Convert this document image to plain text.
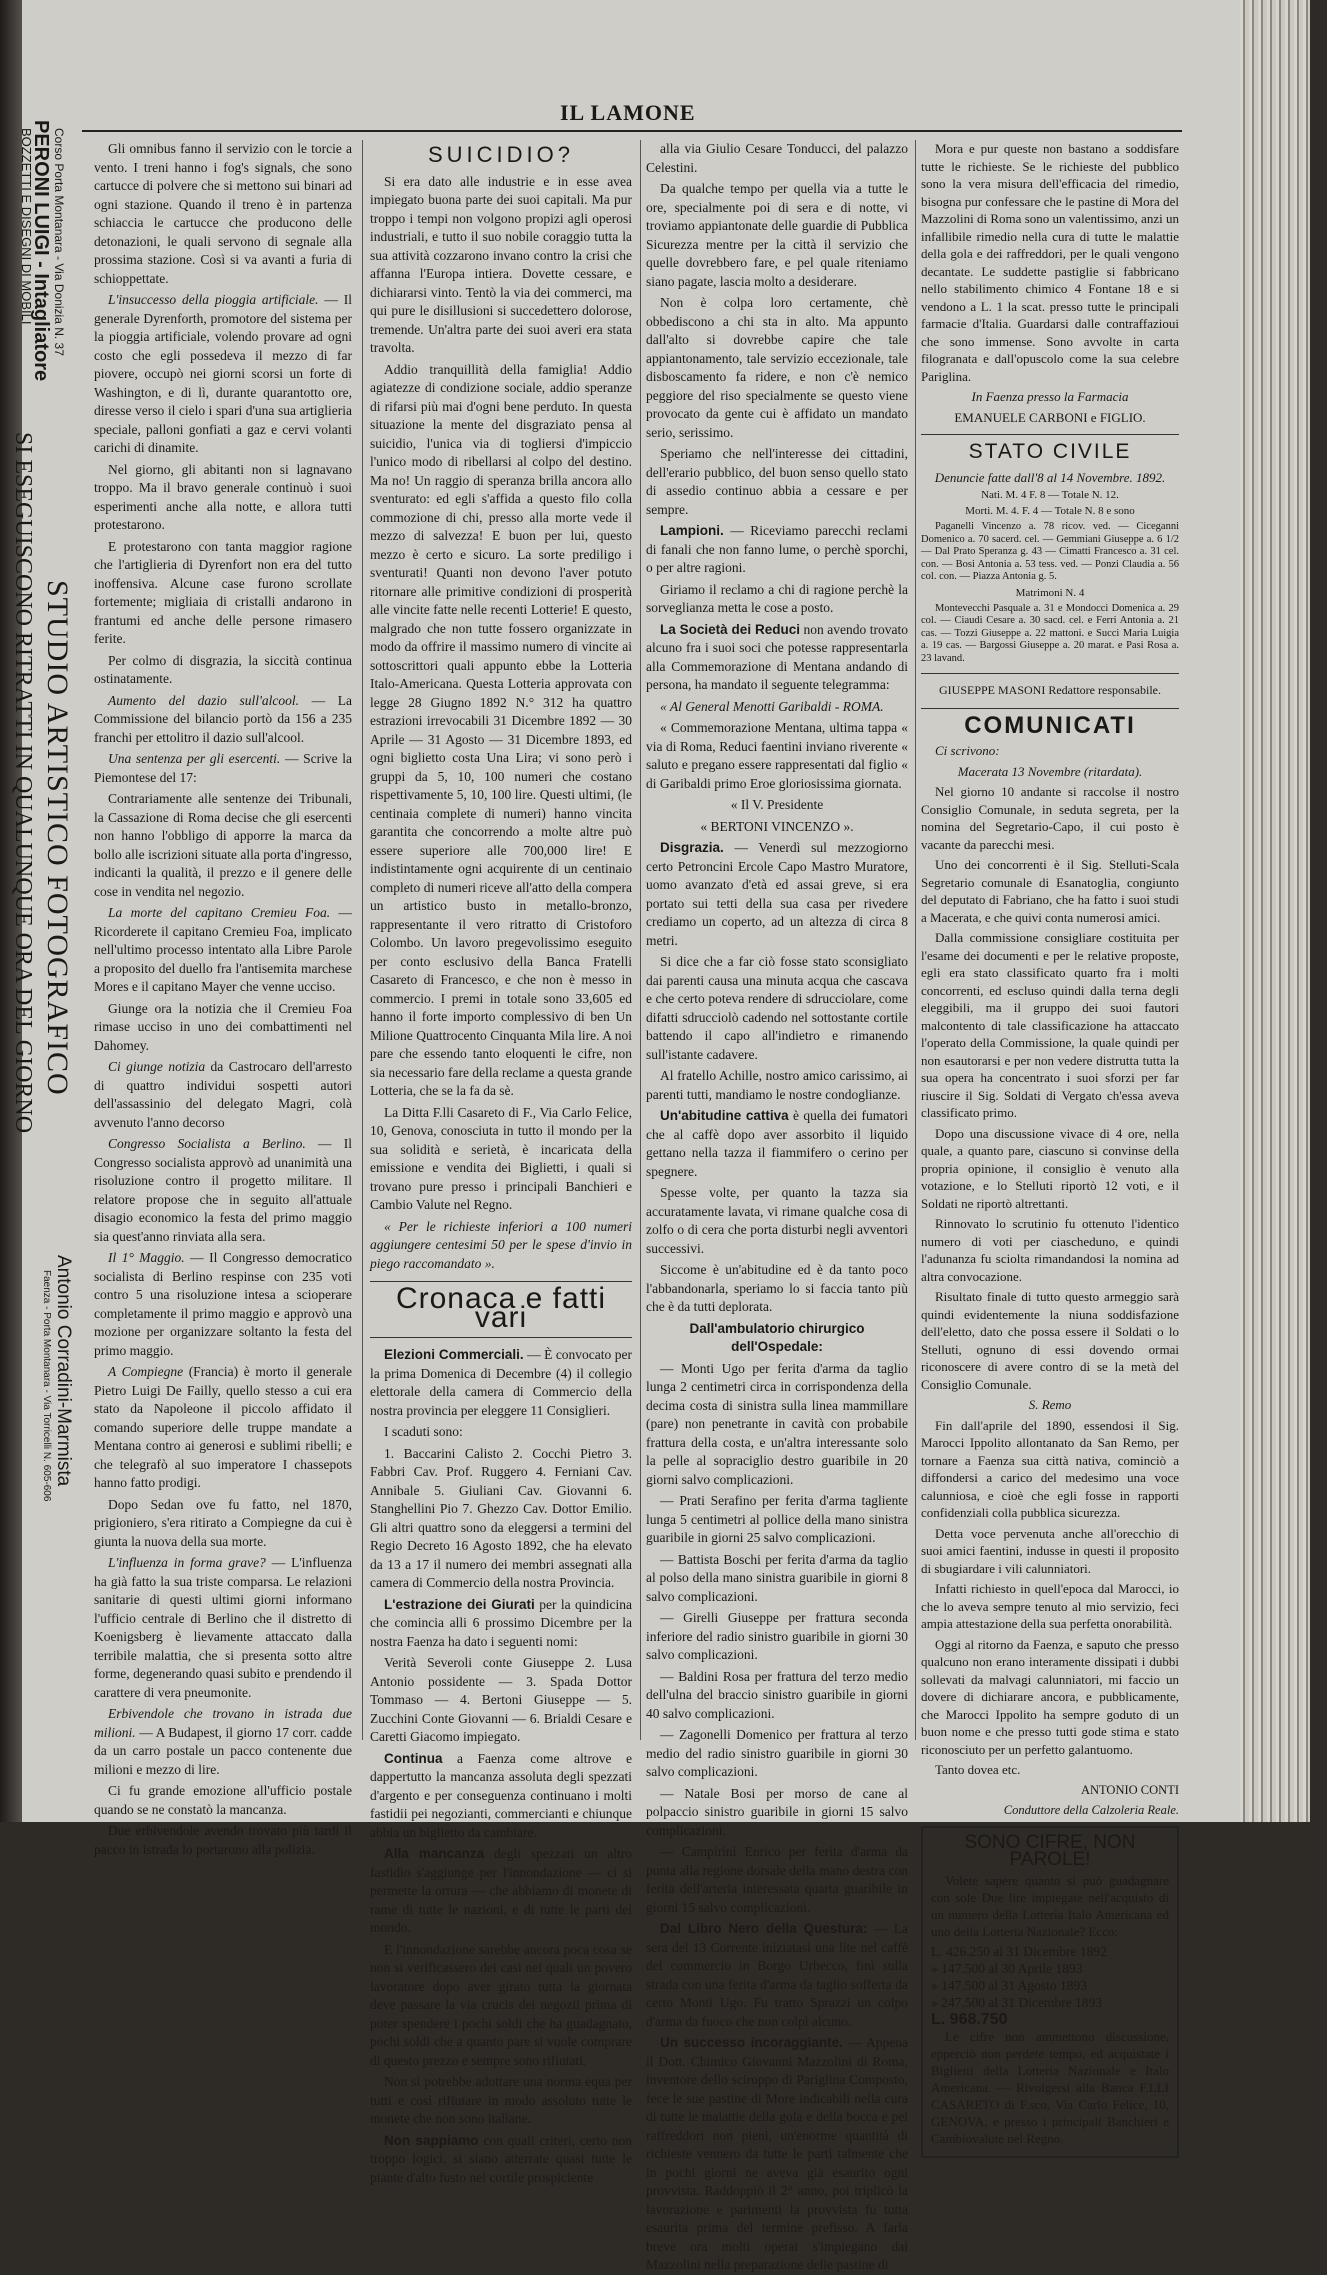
Corso Porta Montanara - Via Donizia N. 37
PERONI LUIGI - Intagliatore
BOZZETTI E DISEGNI DI MOBILI
STUDIO ARTISTICO FOTOGRAFICO
SI ESEGUISCONO RITRATTI IN QUALUNQUE ORA DEL GIORNO
Antonio Corradini-Marmista
Faenza - Porta Montanara - Via Torricelli N. 605-606
IL LAMONE

Gli omnibus fanno il servizio con le torcie a vento. I treni hanno i fog's signals, che sono cartucce di polvere che si mettono sui binari ad ogni stazione. Quando il treno è in partenza schiaccia le cartucce che producono delle detonazioni, le quali servono di segnale alla prossima stazione. Così si va avanti a furia di schioppettate.

L'insuccesso della pioggia artificiale. — Il generale Dyrenforth, promotore del sistema per la pioggia artificiale, volendo provare ad ogni costo che egli possedeva il mezzo di far piovere, occupò nei giorni scorsi un forte di Washington, e di lì, durante quarantotto ore, diresse verso il cielo i spari d'una sua artiglieria speciale, palloni gonfiati a gaz e cervi volanti carichi di dinamite.

Nel giorno, gli abitanti non si lagnavano troppo. Ma il bravo generale continuò i suoi esperimenti anche alla notte, e allora tutti protestarono.

E protestarono con tanta maggior ragione che l'artiglieria di Dyrenfort non era del tutto inoffensiva. Alcune case furono scrollate fortemente; migliaia di cristalli andarono in frantumi ed anche delle persone rimasero ferite.

Per colmo di disgrazia, la siccità continua ostinatamente.

Aumento del dazio sull'alcool. — La Commissione del bilancio portò da 156 a 235 franchi per ettolitro il dazio sull'alcool.

Una sentenza per gli esercenti. — Scrive la Piemontese del 17:

Contrariamente alle sentenze dei Tribunali, la Cassazione di Roma decise che gli esercenti non hanno l'obbligo di apporre la marca da bollo alle iscrizioni situate alla porta d'ingresso, indicanti la qualità, il prezzo e il genere delle cose in vendita nel negozio.

La morte del capitano Cremieu Foa. — Ricorderete il capitano Cremieu Foa, implicato nell'ultimo processo intentato alla Libre Parole a proposito del duello fra l'antisemita marchese Mores e il capitano Mayer che venne ucciso.

Giunge ora la notizia che il Cremieu Foa rimase ucciso in uno dei combattimenti nel Dahomey.

Ci giunge notizia da Castrocaro dell'arresto di quattro individui sospetti autori dell'assassinio del delegato Magri, colà avvenuto l'anno decorso

Congresso Socialista a Berlino. — Il Congresso socialista approvò ad unanimità una risoluzione contro il progetto militare. Il relatore propose che in seguito all'attuale disagio economico la festa del primo maggio sia quest'anno rinviata alla sera.

Il 1° Maggio. — Il Congresso democratico socialista di Berlino respinse con 235 voti contro 5 una risoluzione intesa a scioperare completamente il primo maggio e approvò una mozione per organizzare soltanto la festa del primo maggio.

A Compiegne (Francia) è morto il generale Pietro Luigi De Failly, quello stesso a cui era stato da Napoleone il piccolo affidato il comando superiore delle truppe mandate a Mentana contro ai generosi e sublimi ribelli; e che telegrafò al suo imperatore I chassepots hanno fatto prodigi.

Dopo Sedan ove fu fatto, nel 1870, prigioniero, s'era ritirato a Compiegne da cui è giunta la nuova della sua morte.

L'influenza in forma grave? — L'influenza ha già fatto la sua triste comparsa. Le relazioni sanitarie di questi ultimi giorni informano l'ufficio centrale di Berlino che il distretto di Koenigsberg è lievamente attaccato dalla terribile malattia, che si presenta sotto altre forme, degenerando quasi subito e prendendo il carattere di vera pneumonite.

Erbivendole che trovano in istrada due milioni. — A Budapest, il giorno 17 corr. cadde da un carro postale un pacco contenente due milioni e mezzo di lire.

Ci fu grande emozione all'ufficio postale quando se ne constatò la mancanza.

Due erbivendole avendo trovato più tardi il pacco in istrada lo portarono alla polizia.

SUICIDIO?

Si era dato alle industrie e in esse avea impiegato buona parte dei suoi capitali. Ma pur troppo i tempi non volgono propizi agli operosi industriali, e tutto il suo nobile coraggio tutta la sua attività cozzarono invano contro la crisi che affanna l'Europa intiera. Dovette cessare, e dichiararsi vinto. Tentò la via dei commerci, ma qui pure le disillusioni si succedettero dolorose, tremende. Un'altra parte dei suoi averi era stata travolta.

Addio tranquillità della famiglia! Addio agiatezze di condizione sociale, addio speranze di rifarsi più mai d'ogni bene perduto. In questa situazione la mente del disgraziato pensa al suicidio, l'unica via di togliersi d'impiccio l'unico modo di ribellarsi al colpo del destino. Ma no! Un raggio di speranza brilla ancora allo sventurato: ed egli s'affida a questo filo colla commozione di chi, presso alla morte vede il mezzo di salvezza! E buon per lui, questo mezzo è certo e sicuro. La sorte prediligo i sventurati! Quanti non devono l'aver potuto ritornare alle primitive condizioni di prosperità alle vincite fatte nelle recenti Lotterie! E questo, malgrado che non tutte fossero organizzate in modo da offrire il massimo numero di vincite ai sottoscrittori quali appunto ebbe la Lotteria Italo-Americana. Questa Lotteria approvata con legge 28 Giugno 1892 N.° 312 ha quattro estrazioni irrevocabili 31 Dicembre 1892 — 30 Aprile — 31 Agosto — 31 Dicembre 1893, ed ogni biglietto costa Una Lira; vi sono però i gruppi da 5, 10, 100 numeri che costano rispettivamente 5, 10, 100 lire. Questi ultimi, (le centinaia complete di numeri) hanno vincita garantita che concorrendo a molte altre può essere superiore alle 700,000 lire! E indistintamente ogni acquirente di un centinaio completo di numeri riceve all'atto della compera un artistico busto in metallo-bronzo, rappresentante il vero ritratto di Cristoforo Colombo. Un lavoro pregevolissimo eseguito per conto esclusivo della Banca Fratelli Casareto di Francesco, e che non è messo in commercio. I premi in totale sono 33,605 ed hanno il forte importo complessivo di ben Un Milione Quattrocento Cinquanta Mila lire. A noi pare che essendo tanto eloquenti le cifre, non sia necessario fare della reclame a questa grande Lotteria, che se la fa da sè.

La Ditta F.lli Casareto di F., Via Carlo Felice, 10, Genova, conosciuta in tutto il mondo per la sua solidità e serietà, è incaricata della emissione e vendita dei Biglietti, i quali si trovano pure presso i principali Banchieri e Cambio Valute nel Regno.

« Per le richieste inferiori a 100 numeri aggiungere centesimi 50 per le spese d'invio in piego raccomandato ».

Cronaca e fatti vari

Elezioni Commerciali. — È convocato per la prima Domenica di Decembre (4) il collegio elettorale della camera di Commercio della nostra provincia per eleggere 11 Consiglieri.

I scaduti sono:

1. Baccarini Calisto 2. Cocchi Pietro 3. Fabbri Cav. Prof. Ruggero 4. Ferniani Cav. Annibale 5. Giuliani Cav. Giovanni 6. Stanghellini Pio 7. Ghezzo Cav. Dottor Emilio. Gli altri quattro sono da eleggersi a termini del Regio Decreto 16 Agosto 1892, che ha elevato da 13 a 17 il numero dei membri assegnati alla camera di Commercio della nostra Provincia.

L'estrazione dei Giurati per la quindicina che comincia alli 6 prossimo Dicembre per la nostra Faenza ha dato i seguenti nomi:

Verità Severoli conte Giuseppe 2. Lusa Antonio possidente — 3. Spada Dottor Tommaso — 4. Bertoni Giuseppe — 5. Zucchini Conte Giovanni — 6. Brialdi Cesare e Caretti Giacomo impiegato.

Continua a Faenza come altrove e dappertutto la mancanza assoluta degli spezzati d'argento e per conseguenza continuano i molti fastidii pei negozianti, commercianti e chiunque abbia un biglietto da cambiare.

Alla mancanza degli spezzati un altro fastidio s'aggiunge per l'innondazione — ci si permette la ortura — che abbiamo di monete di rame di tutte le nazioni, e di tutte le parti del mondo.

E l'innondazione sarebbe ancora poca cosa se non si verificassero dei casi nei quali un povero lavoratore dopo aver girato tutta la giornata deve passare la via crucis dei negozii prima di poter spendere i pochi soldi che ha guadagnato, pochi soldi che a quanto pare si vuole comprare di questo prezzo e sempre sono rifiutati.

Non si potrebbe adottare una norma equa per tutti e così rifiutare in modo assoluto tutte le monete che non sono italiane.

Non sappiamo con quali criteri, certo non troppo logici, si siano atterrate quasi tutte le piante d'alto fusto nel cortile prospiciente

alla via Giulio Cesare Tonducci, del palazzo Celestini.

Da qualche tempo per quella via a tutte le ore, specialmente poi di sera e di notte, vi troviamo appiantonate delle guardie di Pubblica Sicurezza mentre per la città il servizio che quelle dovrebbero fare, e pel quale riteniamo siano pagate, lascia molto a desiderare.

Non è colpa loro certamente, chè obbediscono a chi sta in alto. Ma appunto dall'alto si dovrebbe capire che tale appiantonamento, tale servizio eccezionale, tale disboscamento fa ridere, e non c'è nemico peggiore del riso specialmente se questo viene provocato da gente cui è affidato un mandato serio, serissimo.

Speriamo che nell'interesse dei cittadini, dell'erario pubblico, del buon senso quello stato di assedio continuo abbia a cessare e per sempre.

Lampioni. — Riceviamo parecchi reclami di fanali che non fanno lume, o perchè sporchi, o per altre ragioni.

Giriamo il reclamo a chi di ragione perchè la sorveglianza metta le cose a posto.

La Società dei Reduci non avendo trovato alcuno fra i suoi soci che potesse rappresentarla alla Commemorazione di Mentana andando di persona, ha mandato il seguente telegramma:

« Al General Menotti Garibaldi - ROMA.

« Commemorazione Mentana, ultima tappa « via di Roma, Reduci faentini inviano riverente « saluto e pregano essere rappresentati dal figlio « di Garibaldi primo Eroe gloriosissima giornata.

« Il V. Presidente

« BERTONI VINCENZO ».

Disgrazia. — Venerdì sul mezzogiorno certo Petroncini Ercole Capo Mastro Muratore, uomo avanzato d'età ed assai greve, si era portato sui tetti della sua casa per rivedere crediamo un coperto, ad un altezza di circa 8 metri.

Si dice che a far ciò fosse stato sconsigliato dai parenti causa una minuta acqua che cascava e che certo poteva rendere di sdrucciolare, come difatti sdrucciolò cadendo nel sottostante cortile battendo il capo all'indietro e rimanendo sull'istante cadavere.

Al fratello Achille, nostro amico carissimo, ai parenti tutti, mandiamo le nostre condoglianze.

Un'abitudine cattiva è quella dei fumatori che al caffè dopo aver assorbito il liquido gettano nella tazza il fiammifero o cerino per spegnere.

Spesse volte, per quanto la tazza sia accuratamente lavata, vi rimane qualche cosa di zolfo o di cera che porta disturbi negli avventori successivi.

Siccome è un'abitudine ed è da tanto poco l'abbandonarla, speriamo lo si faccia tanto più che è da tutti deplorata.

Dall'ambulatorio chirurgico dell'Ospedale:

— Monti Ugo per ferita d'arma da taglio lunga 2 centimetri circa in corrispondenza della decima costa di sinistra sulla linea mammillare (pare) non penetrante in cavità con probabile frattura della costa, e un'altra interessante solo la pelle al sopraciglio destro guaribile in 20 giorni salvo complicazioni.

— Prati Serafino per ferita d'arma tagliente lunga 5 centimetri al pollice della mano sinistra guaribile in giorni 25 salvo complicazioni.

— Battista Boschi per ferita d'arma da taglio al polso della mano sinistra guaribile in giorni 8 salvo complicazioni.

— Girelli Giuseppe per frattura seconda inferiore del radio sinistro guaribile in giorni 30 salvo complicazioni.

— Baldini Rosa per frattura del terzo medio dell'ulna del braccio sinistro guaribile in giorni 40 salvo complicazioni.

— Zagonelli Domenico per frattura al terzo medio del radio sinistro guaribile in giorni 30 salvo complicazioni.

— Natale Bosi per morso de cane al polpaccio sinistro guaribile in giorni 15 salvo complicazioni.

— Campirini Enrico per ferita d'arma da punta alla regione dorsale della mano destra con ferita dell'arteria interessata quarta guaribile in giorni 15 salvo complicazioni.

Dal Libro Nero della Questura: — La sera del 13 Corrente iniziatasi una lite nel caffè del commercio in Borgo Urbecco, finì sulla strada con una ferita d'arma da taglio sofferta da certo Monti Ugo. Fu tratto Sprazzi un colpo d'arma da fuoco che non colpì alcuno.

Un successo incoraggiante. — Appena il Dott. Chimico Giovanni Mazzolini di Roma, inventore dello sciroppo di Pariglina Composto, fece le sue pastine di More indicabili nella cura di tutte le malattie della gola e della bocca e pei raffreddori non pieni, un'enorme quantità di richieste vennero da tutte le parti talmente che in pochi giorni ne aveva già esaurito ogni provvista. Raddoppiò il 2° anno, poi triplicò la lavorazione e parimenti la provvista fu tutta esaurita prima del termine prefisso. A farla breve ora molti operai s'impiegano dal Mazzolini nella preparazione delle pastine di

Mora e pur queste non bastano a soddisfare tutte le richieste. Se le richieste del pubblico sono la vera misura dell'efficacia del rimedio, bisogna pur confessare che le pastine di Mora del Mazzolini di Roma sono un valentissimo, anzi un infallibile rimedio nella cura di tutte le malattie della gola e dei raffreddori, per le quali vengono decantate. Le suddette pastiglie si fabbricano nello stabilimento chimico 4 Fontane 18 e si vendono a L. 1 la scat. presso tutte le principali farmacie d'Italia. Guardarsi dalle contraffazioui che sono immense. Sono avvolte in carta filogranata e dall'opuscolo come la sua celebre Pariglina.

In Faenza presso la Farmacia

EMANUELE CARBONI e FIGLIO.

STATO CIVILE

Denuncie fatte dall'8 al 14 Novembre. 1892.

Nati. M. 4 F. 8 — Totale N. 12.

Morti. M. 4. F. 4 — Totale N. 8 e sono

Paganelli Vincenzo a. 78 ricov. ved. — Ciceganni Domenico a. 70 sacerd. cel. — Gemmiani Giuseppe a. 6 1/2 — Dal Prato Speranza g. 43 — Cimatti Francesco a. 31 cel. con. — Bosi Antonia a. 53 tess. ved. — Ponzi Claudia a. 56 col. con. — Piazza Antonia g. 5.

Matrimoni N. 4

Montevecchi Pasquale a. 31 e Mondocci Domenica a. 29 col. — Ciaudi Cesare a. 30 sacd. cel. e Ferri Antonia a. 21 cas. — Tozzi Giuseppe a. 22 mattoni. e Succi Maria Luigia a. 19 cas. — Bargossi Giuseppe a. 20 marat. e Pasi Rosa a. 23 lavand.

GIUSEPPE MASONI Redattore responsabile.

COMUNICATI

Ci scrivono:

Macerata 13 Novembre (ritardata).

Nel giorno 10 andante si raccolse il nostro Consiglio Comunale, in seduta segreta, per la nomina del Segretario-Capo, il cui posto è vacante da parecchi mesi.

Uno dei concorrenti è il Sig. Stelluti-Scala Segretario comunale di Esanatoglia, congiunto del deputato di Fabriano, che ha fatto i suoi studi a Macerata, e che quivi conta numerosi amici.

Dalla commissione consigliare costituita per l'esame dei documenti e per le relative proposte, egli era stato classificato quarto fra i molti concorrenti, ed escluso quindi dalla terna degli eleggibili, ma il gruppo dei suoi fautori malcontento di tale classificazione ha attaccato l'operato della Commissione, la quale quindi per non esautorarsi e per non vedere distrutta tutta la sua opera ha concentrato i suoi sforzi per far riuscire il Sig. Soldati di Vergato ch'essa aveva classificato primo.

Dopo una discussione vivace di 4 ore, nella quale, a quanto pare, ciascuno si convinse della propria opinione, il consiglio è venuto alla votazione, e lo Stelluti riportò 12 voti, e il Soldati ne riportò altrettanti.

Rinnovato lo scrutinio fu ottenuto l'identico numero di voti per ciascheduno, e quindi l'adunanza fu sciolta rimandandosi la nomina ad altra convocazione.

Risultato finale di tutto questo armeggio sarà quindi evidentemente la niuna soddisfazione dell'eletto, dato che possa essere il Soldati o lo Stelluti, ognuno di essi dovendo ormai riconoscere di avere contro di se la metà del Consiglio Comunale.

S. Remo

Fin dall'aprile del 1890, essendosi il Sig. Marocci Ippolito allontanato da San Remo, per tornare a Faenza sua città nativa, cominciò a diffondersi a carico del medesimo una voce calunniosa, e cioè che egli fosse in rapporti confidenziali colla pubblica sicurezza.

Detta voce pervenuta anche all'orecchio di suoi amici faentini, indusse in questi il proposito di sbugiardare i vili calunniatori.

Infatti richiesto in quell'epoca dal Marocci, io che lo aveva sempre tenuto al mio servizio, feci ampia attestazione della sua perfetta onorabilità.

Oggi al ritorno da Faenza, e saputo che presso qualcuno non erano interamente dissipati i dubbi sollevati da malvagi calunniatori, mi faccio un dovere di dichiarare ancora, e pubblicamente, che Marocci Ippolito ha sempre goduto di un buon nome e che presso tutti gode stima e stato riconosciuto per un perfetto galantuomo.

Tanto dovea etc.

ANTONIO CONTI

Conduttore della Calzoleria Reale.

SONO CIFRE, NON PAROLE!

Volete sapere quanto si può guadagnare con sole Due lire impiegate nell'acquisto di un numero della Lotteria Italo Americana ed uno della Lotteria Nazionale? Ecco:

L. 426.250 al 31 Dicembre 1892
» 147.500 al 30 Aprile 1893
» 147.500 al 31 Agosto 1893
» 247.500 al 31 Dicembre 1893
L. 968.750

Le cifre non ammettono discussione, epperciò non perdete tempo, ed acquistate i Biglietti della Lotteria Nazionale e Italo Americana. — Rivolgersi alla Banca F.LLI CASARETO di F.sco, Via Carlo Felice, 10, GENOVA, e presso i principali Banchieri e Cambiovalute nel Regno.
